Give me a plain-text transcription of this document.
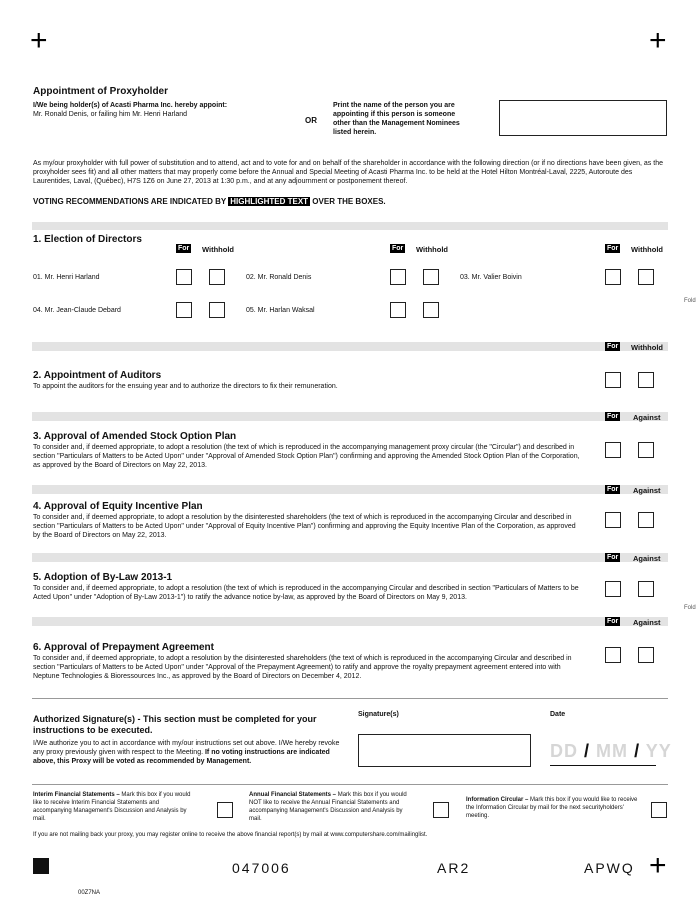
+	+
+
Appointment of Proxyholder
I/We being holder(s) of Acasti Pharma Inc. hereby appoint:
Mr. Ronald Denis, or failing him Mr. Henri Harland
OR
Print the name of the person you are appointing if this person is someone other than the Management Nominees listed herein.
As my/our proxyholder with full power of substitution and to attend, act and to vote for and on behalf of the shareholder in accordance with the following direction (or if no directions have been given, as the proxyholder sees fit) and all other matters that may properly come before the Annual and Special Meeting of Acasti Pharma Inc. to be held at the Hotel Hilton Montréal-Laval, 2225, Autoroute des Laurentides, Laval, (Québec), H7S 1Z6 on June 27, 2013 at 1:30 p.m., and at any adjournment or postponement thereof.
VOTING RECOMMENDATIONS ARE INDICATED BY HIGHLIGHTED TEXT OVER THE BOXES.
1. Election of Directors
For Withhold	For Withhold	For Withhold
01. Mr. Henri Harland	02. Mr. Ronald Denis	03. Mr. Valier Boivin
04. Mr. Jean-Claude Debard	05. Mr. Harlan Waksal
Fold
For Withhold
2. Appointment of Auditors
To appoint the auditors for the ensuing year and to authorize the directors to fix their remuneration.
For Against
3. Approval of Amended Stock Option Plan
To consider and, if deemed appropriate, to adopt a resolution (the text of which is reproduced in the accompanying management proxy circular (the "Circular") and described in section "Particulars of Matters to be Acted Upon" under "Approval of Amended Stock Option Plan") confirming and approving the Amended Stock Option Plan of the Corporation, as approved by the Board of Directors on May 22, 2013.
For Against
4. Approval of Equity Incentive Plan
To consider and, if deemed appropriate, to adopt a resolution by the disinterested shareholders (the text of which is reproduced in the accompanying Circular and described in section "Particulars of Matters to be Acted Upon" under "Approval of Equity Incentive Plan") confirming and approving the Equity Incentive Plan of the Corporation, as approved by the Board of Directors on May 22, 2013.
For Against
5. Adoption of By-Law 2013-1
To consider and, if deemed appropriate, to adopt a resolution (the text of which is reproduced in the accompanying Circular and described in section "Particulars of Matters to be Acted Upon" under "Adoption of By-Law 2013-1") to ratify the advance notice by-law, as approved by the Board of Directors on May 9, 2013.
Fold
For Against
6. Approval of Prepayment Agreement
To consider and, if deemed appropriate, to adopt a resolution by the disinterested shareholders (the text of which is reproduced in the accompanying Circular and described in section "Particulars of Matters to be Acted Upon" under "Approval of the Prepayment Agreement) to ratify and approve the royalty prepayment agreement entered into with Neptune Technologies & Bioressources Inc., as approved by the Board of Directors on December 4, 2012.
Authorized Signature(s) - This section must be completed for your instructions to be executed.
I/We authorize you to act in accordance with my/our instructions set out above. I/We hereby revoke any proxy previously given with respect to the Meeting. If no voting instructions are indicated above, this Proxy will be voted as recommended by Management.
Signature(s)	Date
DD / MM / YY
Interim Financial Statements – Mark this box if you would like to receive Interim Financial Statements and accompanying Management's Discussion and Analysis by mail.
Annual Financial Statements – Mark this box if you would NOT like to receive the Annual Financial Statements and accompanying Management's Discussion and Analysis by mail.
Information Circular – Mark this box if you would like to receive the Information Circular by mail for the next securityholders' meeting.
If you are not mailing back your proxy, you may register online to receive the above financial report(s) by mail at www.computershare.com/mailinglist.
047006	AR2	APWQ
00Z7NA
